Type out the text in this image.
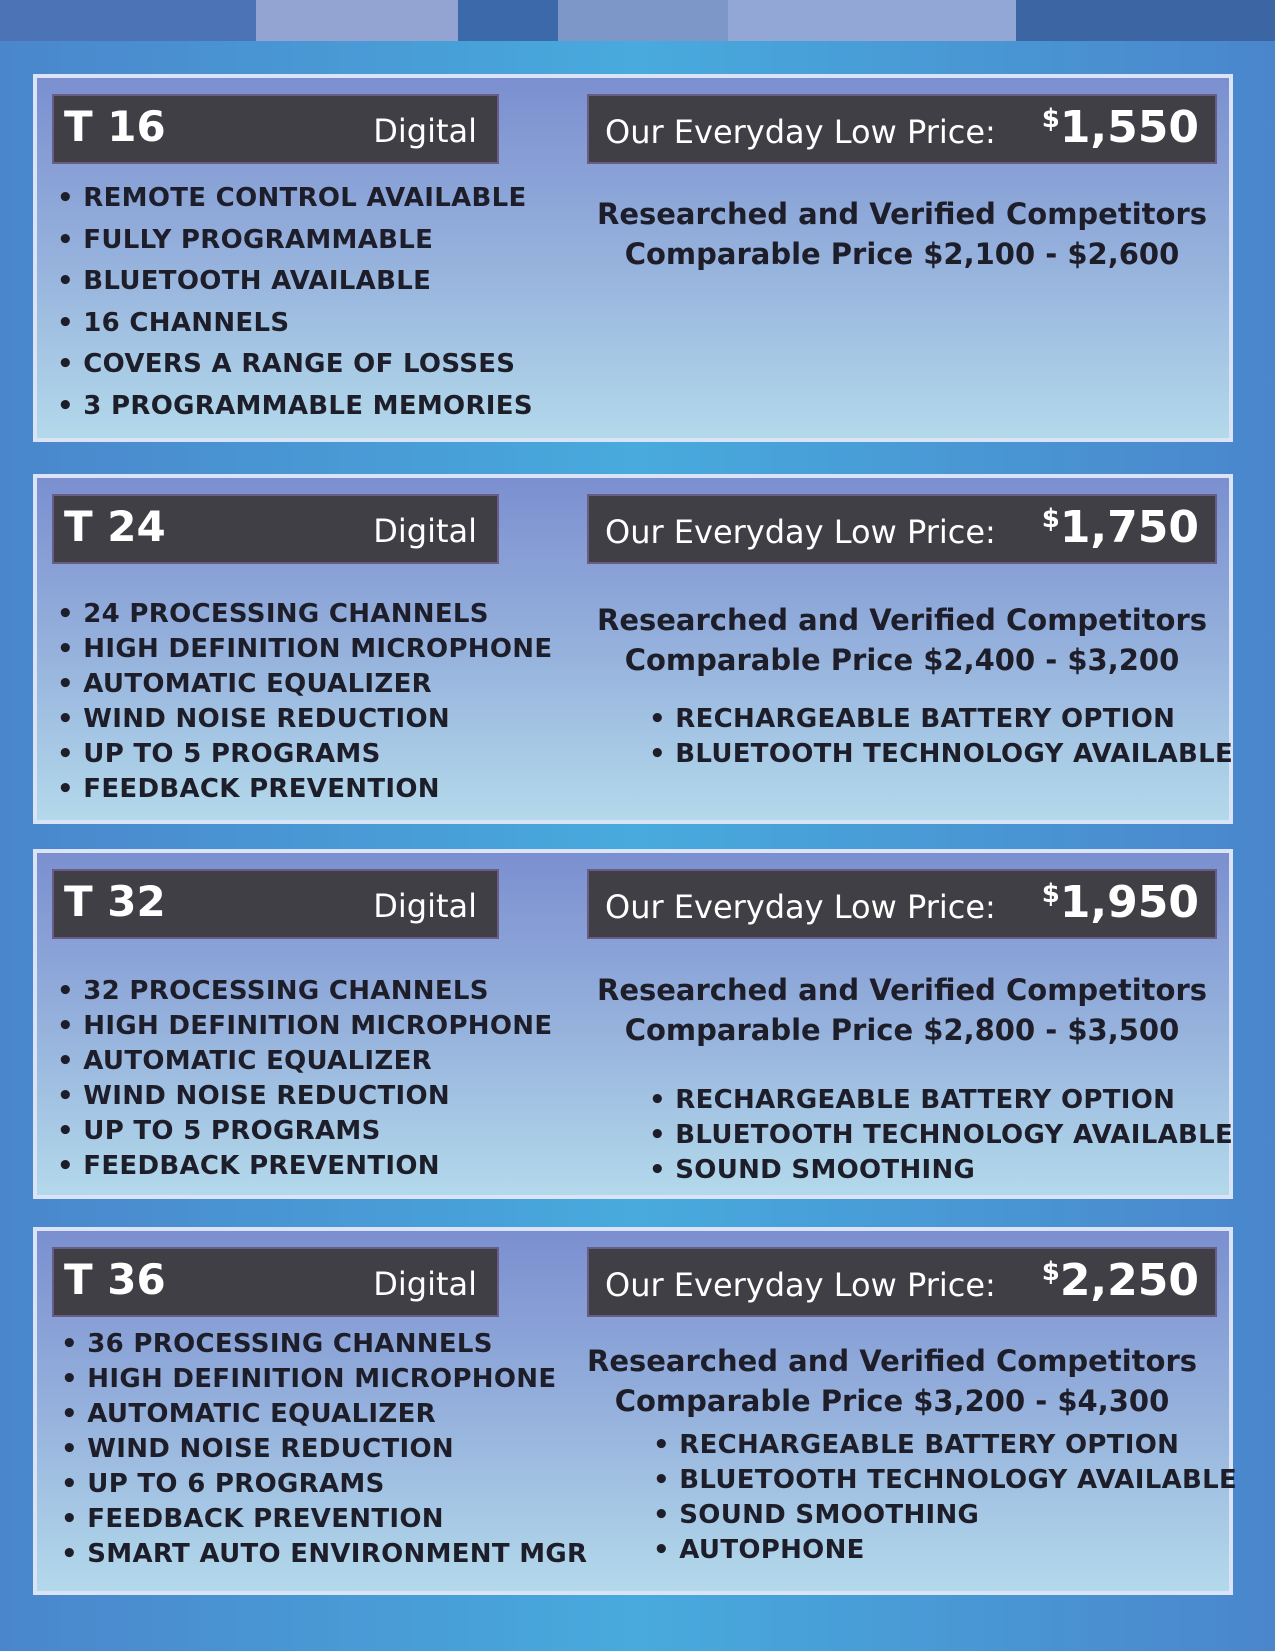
T 16	Digital	Our Everyday Low Price: $1,550
• REMOTE CONTROL AVAILABLE
• FULLY PROGRAMMABLE
• BLUETOOTH AVAILABLE
• 16 CHANNELS
• COVERS A RANGE OF LOSSES
• 3 PROGRAMMABLE MEMORIES
Researched and Verified Competitors
Comparable Price $2,100 - $2,600
T 24	Digital	Our Everyday Low Price: $1,750
• 24 PROCESSING CHANNELS
• HIGH DEFINITION MICROPHONE
• AUTOMATIC EQUALIZER
• WIND NOISE REDUCTION
• UP TO 5 PROGRAMS
• FEEDBACK PREVENTION
Researched and Verified Competitors
Comparable Price $2,400 - $3,200
• RECHARGEABLE BATTERY OPTION
• BLUETOOTH TECHNOLOGY AVAILABLE
T 32	Digital	Our Everyday Low Price: $1,950
• 32 PROCESSING CHANNELS
• HIGH DEFINITION MICROPHONE
• AUTOMATIC EQUALIZER
• WIND NOISE REDUCTION
• UP TO 5 PROGRAMS
• FEEDBACK PREVENTION
Researched and Verified Competitors
Comparable Price $2,800 - $3,500
• RECHARGEABLE BATTERY OPTION
• BLUETOOTH TECHNOLOGY AVAILABLE
• SOUND SMOOTHING
T 36	Digital	Our Everyday Low Price: $2,250
• 36 PROCESSING CHANNELS
• HIGH DEFINITION MICROPHONE
• AUTOMATIC EQUALIZER
• WIND NOISE REDUCTION
• UP TO 6 PROGRAMS
• FEEDBACK PREVENTION
• SMART AUTO ENVIRONMENT MGR
Researched and Verified Competitors
Comparable Price $3,200 - $4,300
• RECHARGEABLE BATTERY OPTION
• BLUETOOTH TECHNOLOGY AVAILABLE
• SOUND SMOOTHING
• AUTOPHONE
